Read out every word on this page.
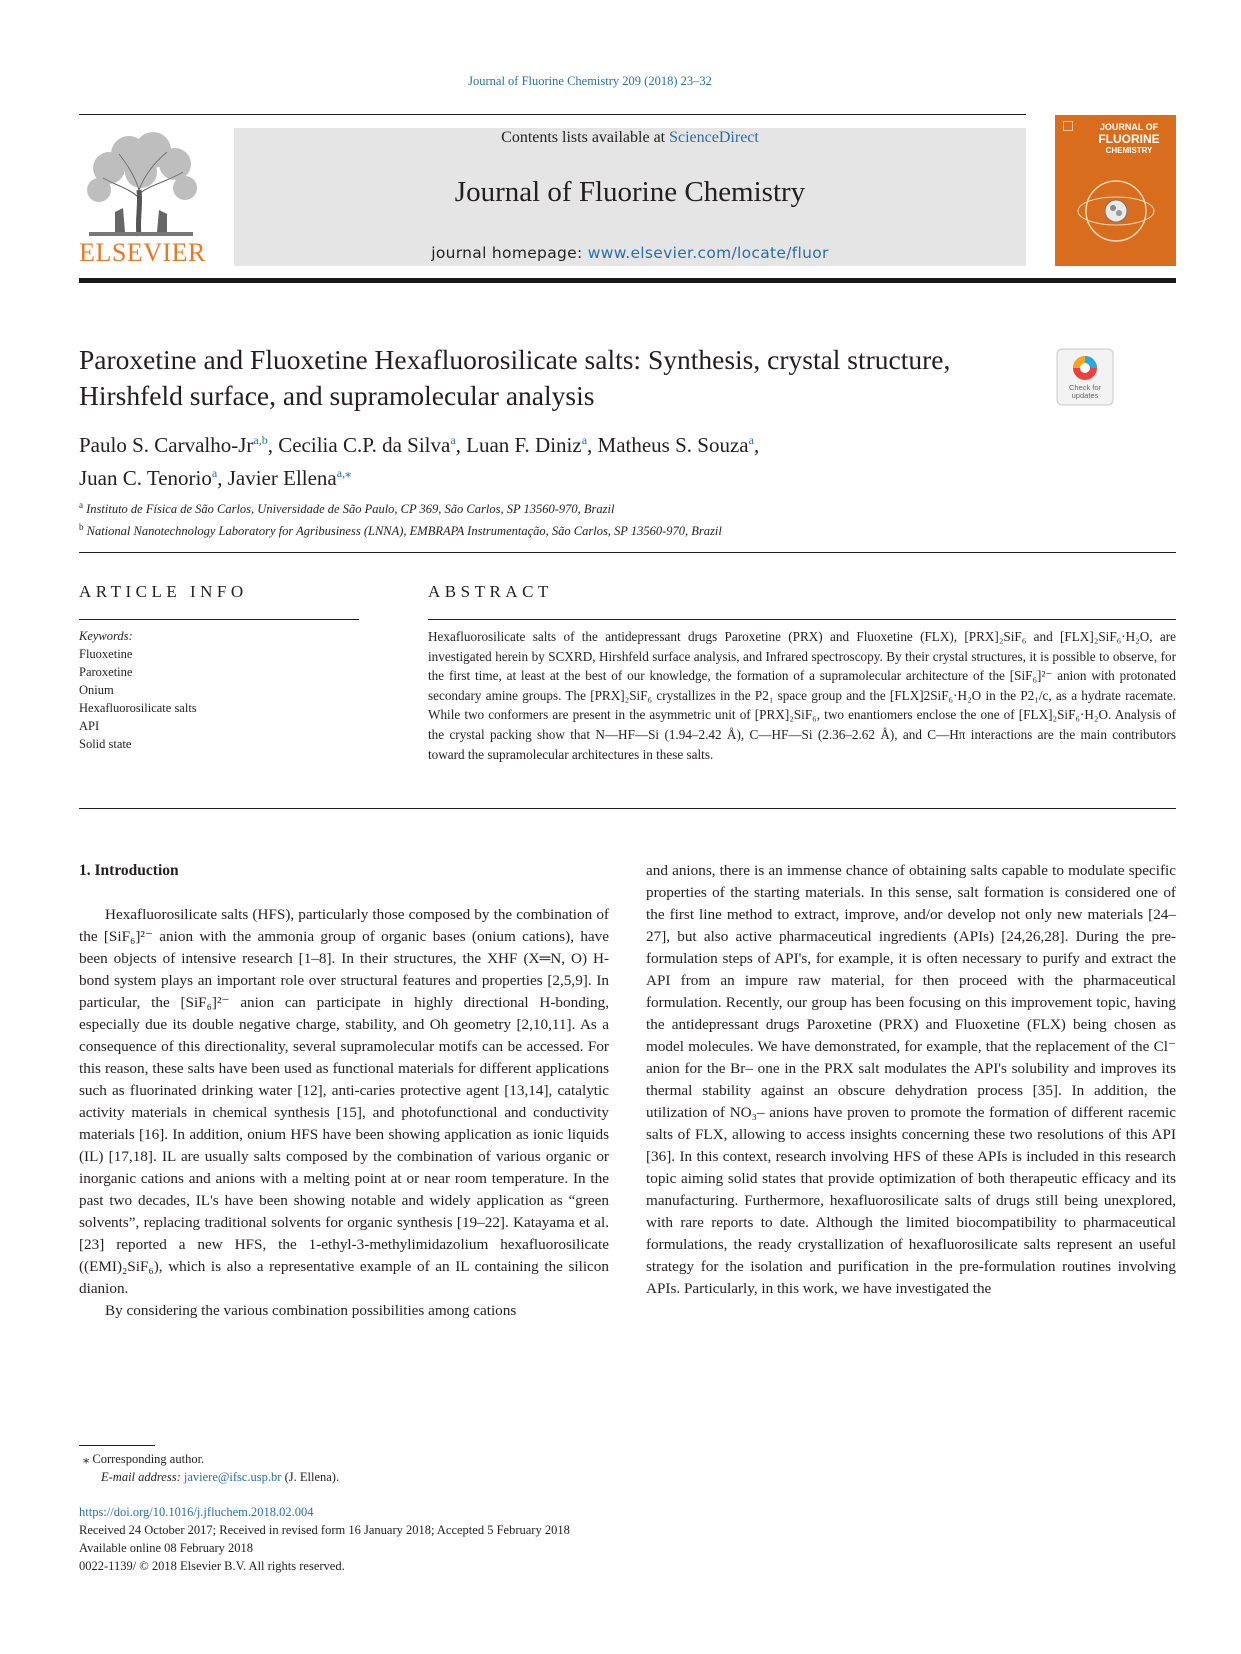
Journal of Fluorine Chemistry 209 (2018) 23–32
ELSEVIER
Contents lists available at ScienceDirect
Journal of Fluorine Chemistry
journal homepage: www.elsevier.com/locate/fluor
JOURNAL OF
FLUORINE
CHEMISTRY
Paroxetine and Fluoxetine Hexafluorosilicate salts: Synthesis, crystal structure, Hirshfeld surface, and supramolecular analysis	Check for
updates
Paulo S. Carvalho-Jr$^{a,b}$, Cecilia C.P. da Silva$^a$, Luan F. Diniz$^a$, Matheus S. Souza$^a$,
Juan C. Tenorio$^a$, Javier Ellena$^{a,⁎}$
$^a$ Instituto de Física de São Carlos, Universidade de São Paulo, CP 369, São Carlos, SP 13560-970, Brazil
$^b$ National Nanotechnology Laboratory for Agribusiness (LNNA), EMBRAPA Instrumentação, São Carlos, SP 13560-970, Brazil
ARTICLE INFO
Keywords:
Fluoxetine
Paroxetine
Onium
Hexafluorosilicate salts
API
Solid state
ABSTRACT
Hexafluorosilicate salts of the antidepressant drugs Paroxetine (PRX) and Fluoxetine (FLX), [PRX]₂SiF₆ and [FLX]₂SiF₆·H₂O, are investigated herein by SCXRD, Hirshfeld surface analysis, and Infrared spectroscopy. By their crystal structures, it is possible to observe, for the first time, at least at the best of our knowledge, the formation of a supramolecular architecture of the [SiF₆]²⁻ anion with protonated secondary amine groups. The [PRX]₂SiF₆ crystallizes in the P2₁ space group and the [FLX]2SiF₆·H₂O in the P2₁/c, as a hydrate racemate. While two conformers are present in the asymmetric unit of [PRX]₂SiF₆, two enantiomers enclose the one of [FLX]₂SiF₆·H₂O. Analysis of the crystal packing show that N—HF—Si (1.94–2.42 Å), C—HF—Si (2.36–2.62 Å), and C—Hπ interactions are the main contributors toward the supramolecular architectures in these salts.
1. Introduction

Hexafluorosilicate salts (HFS), particularly those composed by the combination of the [SiF₆]²⁻ anion with the ammonia group of organic bases (onium cations), have been objects of intensive research [1–8]. In their structures, the XHF (X═N, O) H-bond system plays an important role over structural features and properties [2,5,9]. In particular, the [SiF₆]²⁻ anion can participate in highly directional H-bonding, especially due its double negative charge, stability, and Oh geometry [2,10,11]. As a consequence of this directionality, several supramolecular motifs can be accessed. For this reason, these salts have been used as functional materials for different applications such as fluorinated drinking water [12], anti-caries protective agent [13,14], catalytic activity materials in chemical synthesis [15], and photofunctional and conductivity materials [16]. In addition, onium HFS have been showing application as ionic liquids (IL) [17,18]. IL are usually salts composed by the combination of various organic or inorganic cations and anions with a melting point at or near room temperature. In the past two decades, IL's have been showing notable and widely application as “green solvents”, replacing traditional solvents for organic synthesis [19–22]. Katayama et al. [23] reported a new HFS, the 1-ethyl-3-methylimidazolium hexafluorosilicate ((EMI)₂SiF₆), which is also a representative example of an IL containing the silicon dianion.

By considering the various combination possibilities among cations

and anions, there is an immense chance of obtaining salts capable to modulate specific properties of the starting materials. In this sense, salt formation is considered one of the first line method to extract, improve, and/or develop not only new materials [24–27], but also active pharmaceutical ingredients (APIs) [24,26,28]. During the pre-formulation steps of API's, for example, it is often necessary to purify and extract the API from an impure raw material, for then proceed with the pharmaceutical formulation. Recently, our group has been focusing on this improvement topic, having the antidepressant drugs Paroxetine (PRX) and Fluoxetine (FLX) being chosen as model molecules. We have demonstrated, for example, that the replacement of the Cl⁻ anion for the Br– one in the PRX salt modulates the API's solubility and improves its thermal stability against an obscure dehydration process [35]. In addition, the utilization of NO₃– anions have proven to promote the formation of different racemic salts of FLX, allowing to access insights concerning these two resolutions of this API [36]. In this context, research involving HFS of these APIs is included in this research topic aiming solid states that provide optimization of both therapeutic efficacy and its manufacturing. Furthermore, hexafluorosilicate salts of drugs still being unexplored, with rare reports to date. Although the limited biocompatibility to pharmaceutical formulations, the ready crystallization of hexafluorosilicate salts represent an useful strategy for the isolation and purification in the pre-formulation routines involving APIs. Particularly, in this work, we have investigated the

⁎ Corresponding author.
E-mail address: javiere@ifsc.usp.br (J. Ellena).
https://doi.org/10.1016/j.jfluchem.2018.02.004
Received 24 October 2017; Received in revised form 16 January 2018; Accepted 5 February 2018
Available online 08 February 2018
0022-1139/ © 2018 Elsevier B.V. All rights reserved.
